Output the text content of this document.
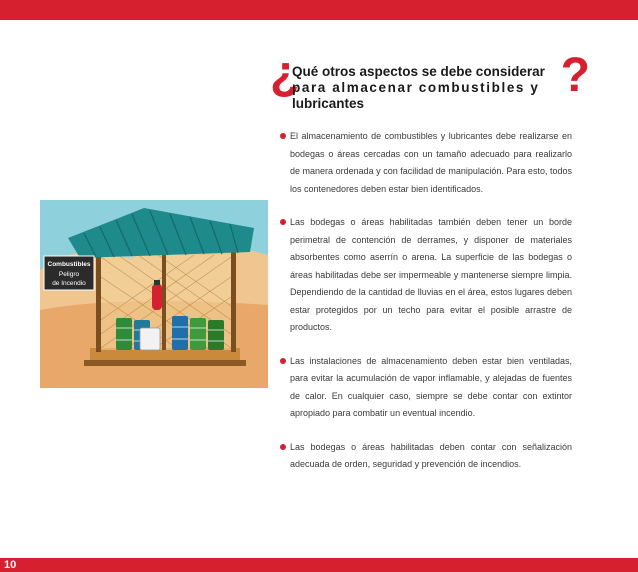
¿
Qué otros aspectos se debe considerar
para almacenar combustibles y
lubricantes
?
El almacenamiento de combustibles y lubricantes debe realizarse en bodegas o áreas cercadas con un tamaño adecuado para realizarlo de manera ordenada y con facilidad de manipulación. Para esto, todos los contenedores deben estar bien identificados.
Las bodegas o áreas habilitadas también deben tener un borde perimetral de contención de derrames, y disponer de materiales absorbentes como aserrín o arena. La superficie de las bodegas o áreas habilitadas debe ser impermeable y mantenerse siempre limpia. Dependiendo de la cantidad de lluvias en el área, estos lugares deben estar protegidos por un techo para evitar el posible arrastre de productos.
Las instalaciones de almacenamiento deben estar bien ventiladas, para evitar la acumulación de vapor inflamable, y alejadas de fuentes de calor. En cualquier caso, siempre se debe contar con extintor apropiado para combatir un eventual incendio.
Las bodegas o áreas habilitadas deben contar con señalización adecuada de orden, seguridad y prevención de incendios.
Combustibles
Peligro
de Incendio
10
